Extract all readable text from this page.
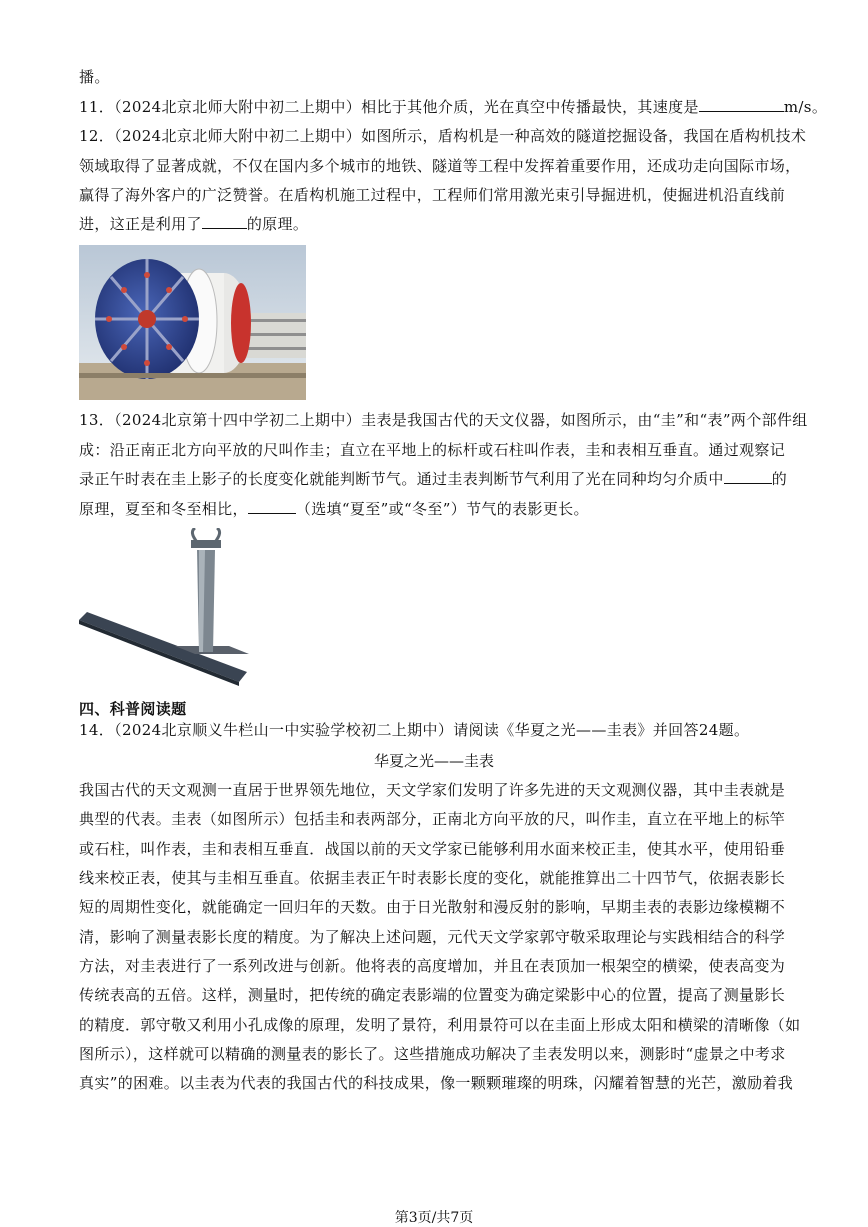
播。
11．（2024北京北师大附中初二上期中）相比于其他介质，光在真空中传播最快，其速度是	m/s。
12．（2024北京北师大附中初二上期中）如图所示，盾构机是一种高效的隧道挖掘设备，我国在盾构机技术
领域取得了显著成就，不仅在国内多个城市的地铁、隧道等工程中发挥着重要作用，还成功走向国际市场，
赢得了海外客户的广泛赞誉。在盾构机施工过程中，工程师们常用激光束引导掘进机，使掘进机沿直线前
进，这正是利用了	的原理。
13．（2024北京第十四中学初二上期中）圭表是我国古代的天文仪器，如图所示，由“圭”和“表”两个部件组
成：沿正南正北方向平放的尺叫作圭；直立在平地上的标杆或石柱叫作表，圭和表相互垂直。通过观察记
录正午时表在圭上影子的长度变化就能判断节气。通过圭表判断节气利用了光在同种均匀介质中	的
原理，夏至和冬至相比，	（选填“夏至”或“冬至”）节气的表影更长。
四、科普阅读题
14．（2024北京顺义牛栏山一中实验学校初二上期中）请阅读《华夏之光——圭表》并回答24题。
华夏之光——圭表
我国古代的天文观测一直居于世界领先地位，天文学家们发明了许多先进的天文观测仪器，其中圭表就是
典型的代表。圭表（如图所示）包括圭和表两部分，正南北方向平放的尺，叫作圭，直立在平地上的标竿
或石柱，叫作表，圭和表相互垂直．战国以前的天文学家已能够利用水面来校正圭，使其水平，使用铅垂
线来校正表，使其与圭相互垂直。依据圭表正午时表影长度的变化，就能推算出二十四节气，依据表影长
短的周期性变化，就能确定一回归年的天数。由于日光散射和漫反射的影响，早期圭表的表影边缘模糊不
清，影响了测量表影长度的精度。为了解决上述问题，元代天文学家郭守敬采取理论与实践相结合的科学
方法，对圭表进行了一系列改进与创新。他将表的高度增加，并且在表顶加一根架空的横梁，使表高变为
传统表高的五倍。这样，测量时，把传统的确定表影端的位置变为确定梁影中心的位置，提高了测量影长
的精度．郭守敬又利用小孔成像的原理，发明了景符，利用景符可以在圭面上形成太阳和横梁的清晰像（如
图所示），这样就可以精确的测量表的影长了。这些措施成功解决了圭表发明以来，测影时“虚景之中考求
真实”的困难。以圭表为代表的我国古代的科技成果，像一颗颗璀璨的明珠，闪耀着智慧的光芒，激励着我
第3页/共7页
